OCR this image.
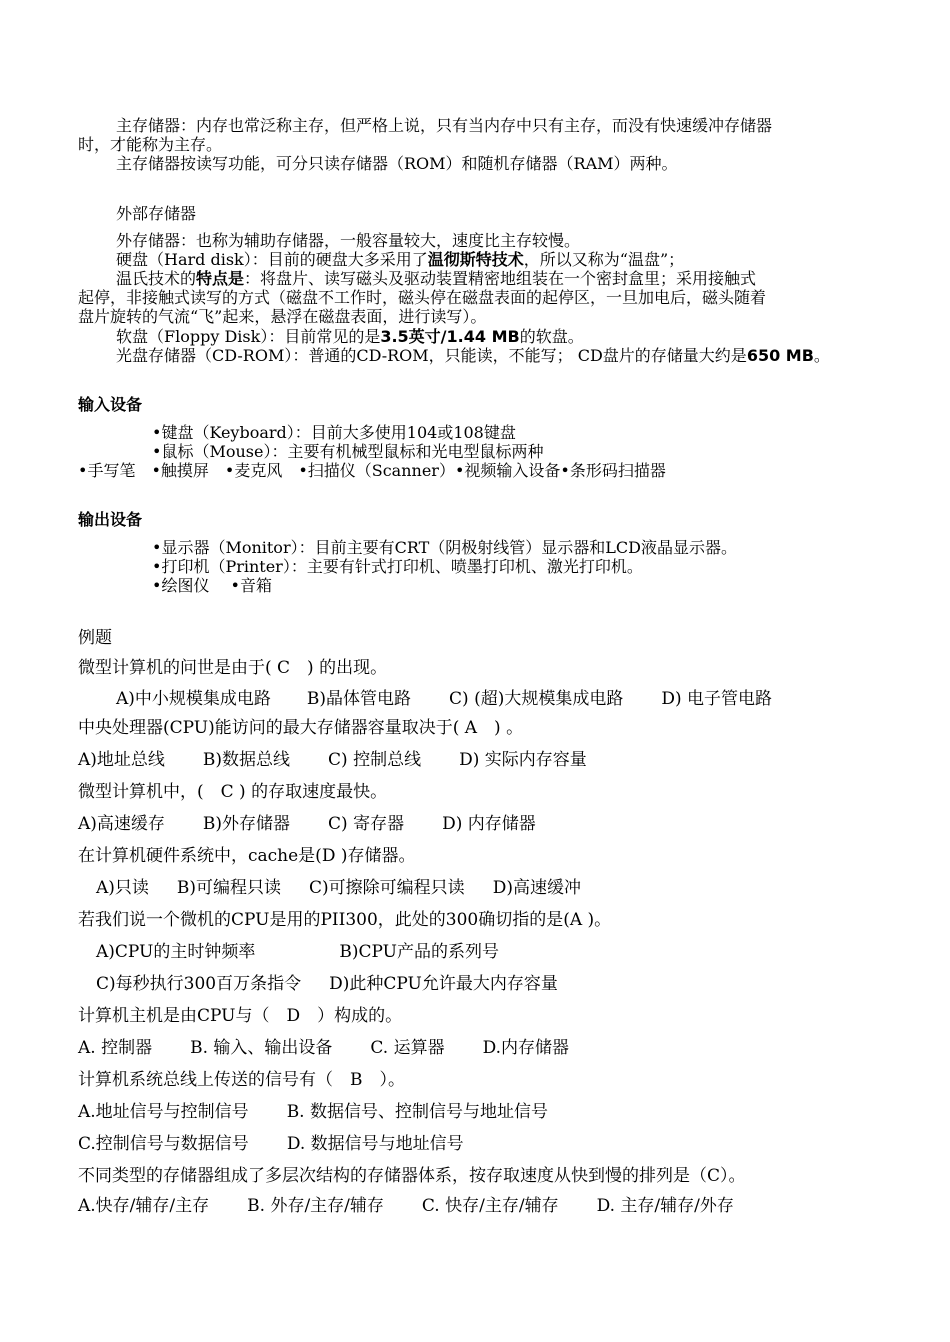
主存储器：内存也常泛称主存，但严格上说，只有当内存中只有主存，而没有快速缓冲存储器
时，才能称为主存。
主存储器按读写功能，可分只读存储器（ROM）和随机存储器（RAM）两种。
外部存储器
外存储器：也称为辅助存储器，一般容量较大，速度比主存较慢。
硬盘（Hard disk）：目前的硬盘大多采用了温彻斯特技术，所以又称为“温盘”；
温氏技术的特点是：将盘片、读写磁头及驱动装置精密地组装在一个密封盒里；采用接触式
起停，非接触式读写的方式（磁盘不工作时，磁头停在磁盘表面的起停区，一旦加电后，磁头随着
盘片旋转的气流“飞”起来，悬浮在磁盘表面，进行读写）。
软盘（Floppy Disk）：目前常见的是3.5英寸/1.44 MB的软盘。
光盘存储器（CD-ROM）：普通的CD-ROM，只能读，不能写； CD盘片的存储量大约是650 MB。
输入设备
•键盘（Keyboard）：目前大多使用104或108键盘
•鼠标（Mouse）：主要有机械型鼠标和光电型鼠标两种
•手写笔　•触摸屏　•麦克风　•扫描仪（Scanner）•视频输入设备•条形码扫描器
输出设备
•显示器（Monitor）：目前主要有CRT（阴极射线管）显示器和LCD液晶显示器。
•打印机（Printer）：主要有针式打印机、喷墨打印机、激光打印机。
•绘图仪　 •音箱
例题
微型计算机的问世是由于( C　) 的出现。
A)中小规模集成电路 B)晶体管电路 C) (超)大规模集成电路 D) 电子管电路
中央处理器(CPU)能访问的最大存储器容量取决于( A　) 。
A)地址总线 B)数据总线 C) 控制总线 D) 实际内存容量
微型计算机中，(　C ) 的存取速度最快。
A)高速缓存 B)外存储器 C) 寄存器 D) 内存储器
在计算机硬件系统中，cache是(D )存储器。
A)只读 B)可编程只读 C)可擦除可编程只读 D)高速缓冲
若我们说一个微机的CPU是用的PII300，此处的300确切指的是(A )。
A)CPU的主时钟频率	B)CPU产品的系列号
C)每秒执行300百万条指令 D)此种CPU允许最大内存容量
计算机主机是由CPU与（　D　）构成的。
A. 控制器 B. 输入、输出设备 C. 运算器 D.内存储器
计算机系统总线上传送的信号有（　B　）。
A.地址信号与控制信号 B. 数据信号、控制信号与地址信号
C.控制信号与数据信号 D. 数据信号与地址信号
不同类型的存储器组成了多层次结构的存储器体系，按存取速度从快到慢的排列是（C）。
A.快存/辅存/主存 B. 外存/主存/辅存 C. 快存/主存/辅存 D. 主存/辅存/外存
